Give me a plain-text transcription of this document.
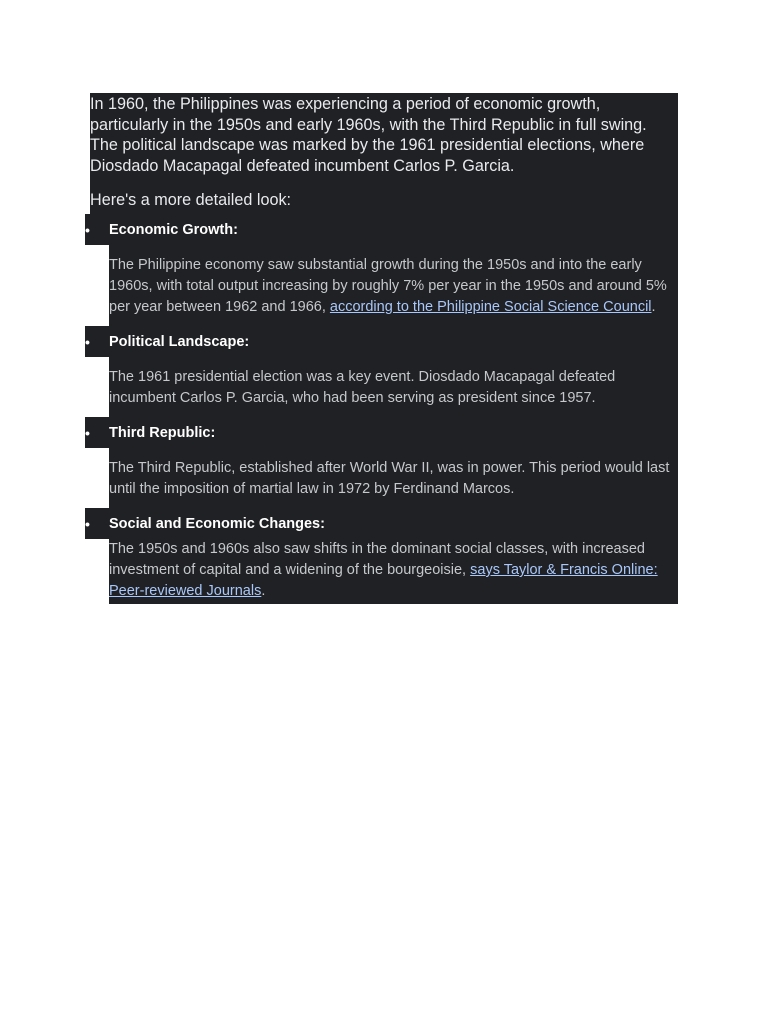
In 1960, the Philippines was experiencing a period of economic growth, particularly in the 1950s and early 1960s, with the Third Republic in full swing. The political landscape was marked by the 1961 presidential elections, where Diosdado Macapagal defeated incumbent Carlos P. Garcia.

Here's a more detailed look:
•	Economic Growth:
The Philippine economy saw substantial growth during the 1950s and into the early 1960s, with total output increasing by roughly 7% per year in the 1950s and around 5% per year between 1962 and 1966, according to the Philippine Social Science Council.
•	Political Landscape:
The 1961 presidential election was a key event. Diosdado Macapagal defeated incumbent Carlos P. Garcia, who had been serving as president since 1957.
•	Third Republic:
The Third Republic, established after World War II, was in power. This period would last until the imposition of martial law in 1972 by Ferdinand Marcos.
•	Social and Economic Changes:
The 1950s and 1960s also saw shifts in the dominant social classes, with increased investment of capital and a widening of the bourgeoisie, says Taylor & Francis Online: Peer-reviewed Journals.
